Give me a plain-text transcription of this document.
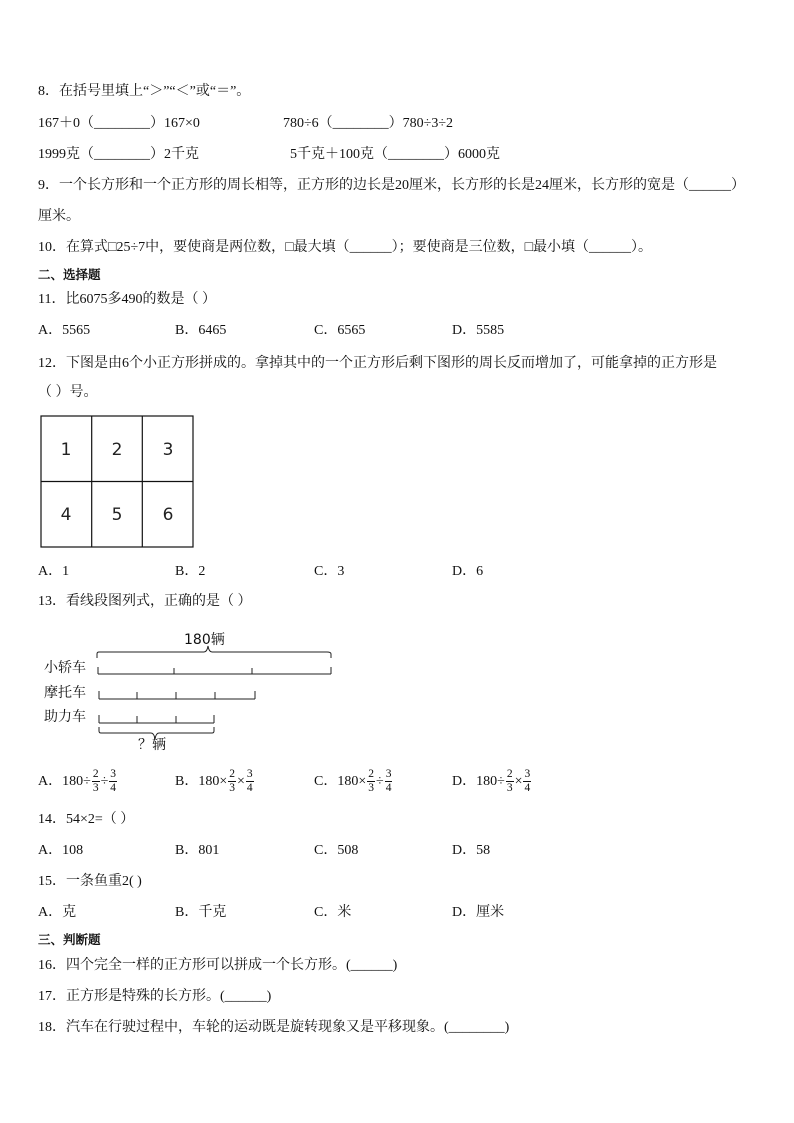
8．在括号里填上“＞”“＜”或“＝”。
167＋0（________）167×0	780÷6（________）780÷3÷2
1999克（________）2千克	5千克＋100克（________）6000克
9．一个长方形和一个正方形的周长相等，正方形的边长是20厘米，长方形的长是24厘米，长方形的宽是（______）
厘米。
10．在算式□25÷7中，要使商是两位数，□最大填（______）；要使商是三位数，□最小填（______）。
二、选择题
11．比6075多490的数是（ ）
A．5565	B．6465	C．6565	D．5585
12．下图是由6个小正方形拼成的。拿掉其中的一个正方形后剩下图形的周长反而增加了，可能拿掉的正方形是
（ ）号。
1 2 3
4 5 6
A．1	B．2	C．3	D．6
13．看线段图列式，正确的是（ ）
180辆
小轿车
摩托车
助力车
？辆
A．$180\div \frac{2}{3} \div \frac{3}{4}$	B．$180\times \frac{2}{3} \times \frac{3}{4}$	C．$180\times \frac{2}{3} \div \frac{3}{4}$	D．$180\div \frac{2}{3} \times \frac{3}{4}$
14．54×2=（ ）
A．108	B．801	C．508	D．58
15．一条鱼重2( )
A．克	B．千克	C．米	D．厘米
三、判断题
16．四个完全一样的正方形可以拼成一个长方形。(______)
17．正方形是特殊的长方形。(______)
18．汽车在行驶过程中，车轮的运动既是旋转现象又是平移现象。(________)
